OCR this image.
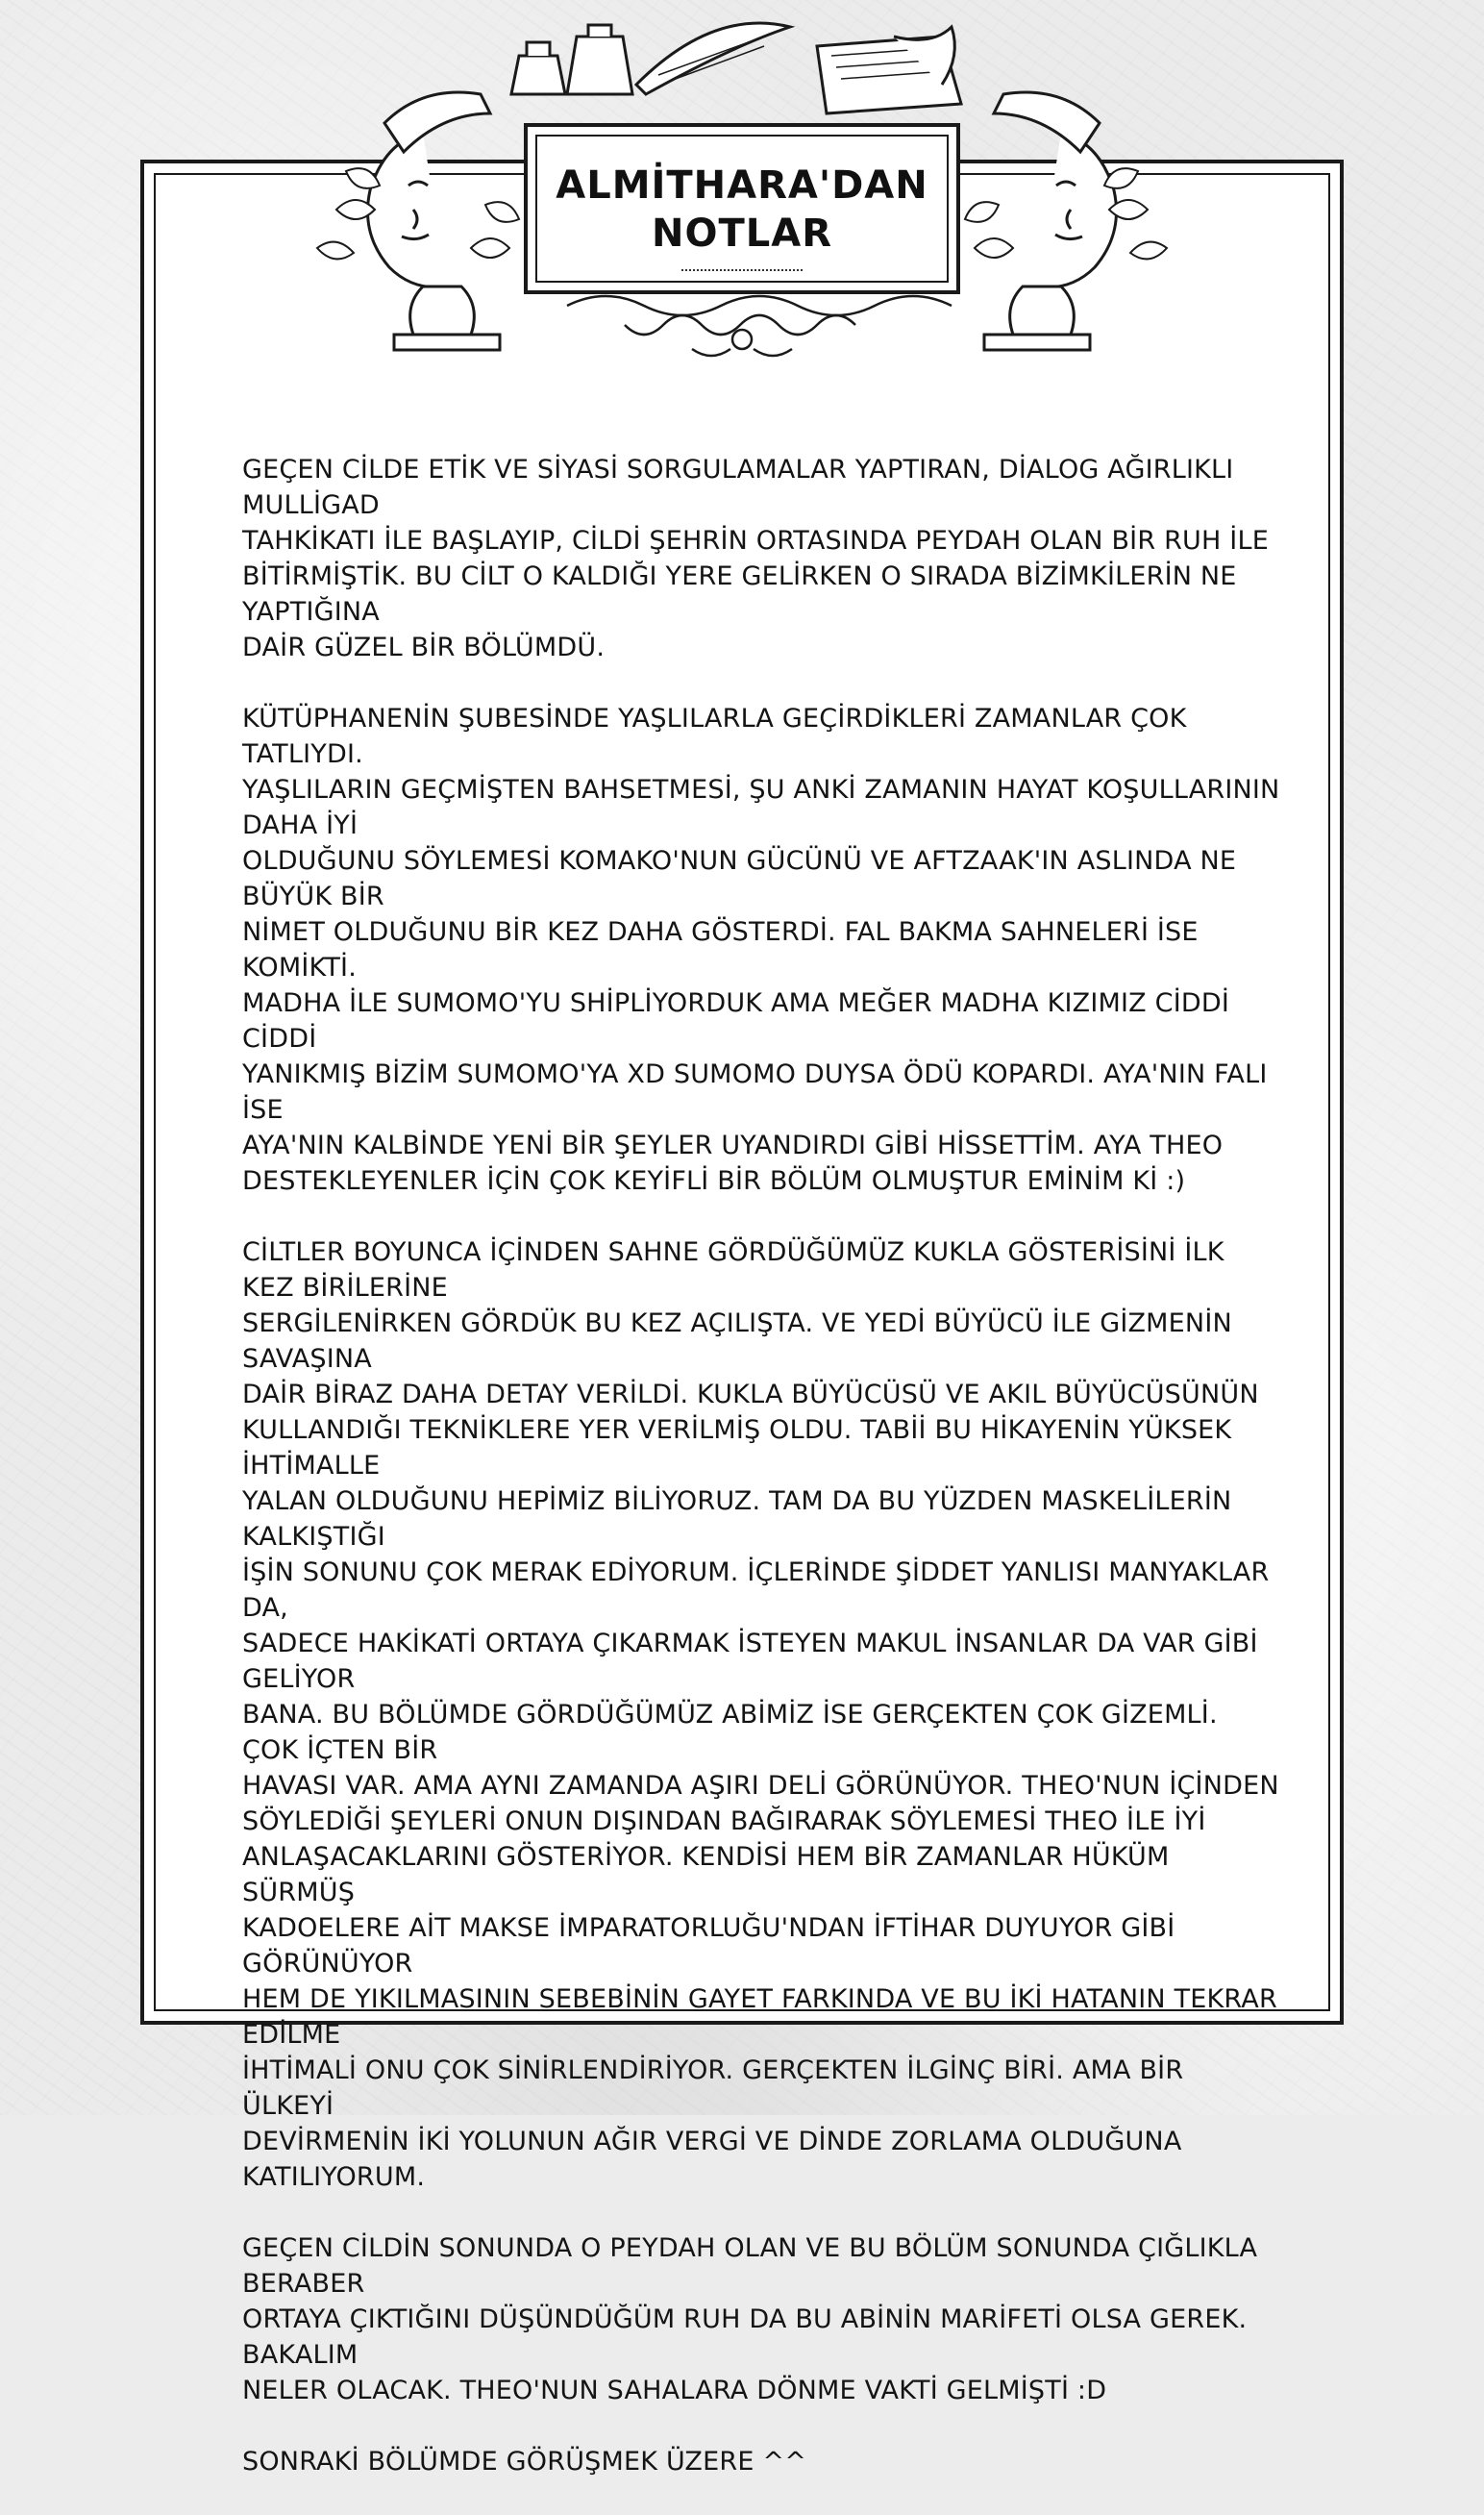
ALMİTHARA'DAN
NOTLAR

GEÇEN CİLDE ETİK VE SİYASİ SORGULAMALAR YAPTIRAN, DİALOG AĞIRLIKLI MULLİGAD
TAHKİKATI İLE BAŞLAYIP, CİLDİ ŞEHRİN ORTASINDA PEYDAH OLAN BİR RUH İLE
BİTİRMİŞTİK. BU CİLT O KALDIĞI YERE GELİRKEN O SIRADA BİZİMKİLERİN NE YAPTIĞINA
DAİR GÜZEL BİR BÖLÜMDÜ.

KÜTÜPHANENİN ŞUBESİNDE YAŞLILARLA GEÇİRDİKLERİ ZAMANLAR ÇOK TATLIYDI.
YAŞLILARIN GEÇMİŞTEN BAHSETMESİ, ŞU ANKİ ZAMANIN HAYAT KOŞULLARININ DAHA İYİ
OLDUĞUNU SÖYLEMESİ KOMAKO'NUN GÜCÜNÜ VE AFTZAAK'IN ASLINDA NE BÜYÜK BİR
NİMET OLDUĞUNU BİR KEZ DAHA GÖSTERDİ. FAL BAKMA SAHNELERİ İSE KOMİKTİ.
MADHA İLE SUMOMO'YU SHİPLİYORDUK AMA MEĞER MADHA KIZIMIZ CİDDİ CİDDİ
YANIKMIŞ BİZİM SUMOMO'YA XD SUMOMO DUYSA ÖDÜ KOPARDI. AYA'NIN FALI İSE
AYA'NIN KALBİNDE YENİ BİR ŞEYLER UYANDIRDI GİBİ HİSSETTİM. AYA THEO
DESTEKLEYENLER İÇİN ÇOK KEYİFLİ BİR BÖLÜM OLMUŞTUR EMİNİM Kİ :)

CİLTLER BOYUNCA İÇİNDEN SAHNE GÖRDÜĞÜMÜZ KUKLA GÖSTERİSİNİ İLK KEZ BİRİLERİNE
SERGİLENİRKEN GÖRDÜK BU KEZ AÇILIŞTA. VE YEDİ BÜYÜCÜ İLE GİZMENİN SAVAŞINA
DAİR BİRAZ DAHA DETAY VERİLDİ. KUKLA BÜYÜCÜSÜ VE AKIL BÜYÜCÜSÜNÜN
KULLANDIĞI TEKNİKLERE YER VERİLMİŞ OLDU. TABİİ BU HİKAYENİN YÜKSEK İHTİMALLE
YALAN OLDUĞUNU HEPİMİZ BİLİYORUZ. TAM DA BU YÜZDEN MASKELİLERİN KALKIŞTIĞI
İŞİN SONUNU ÇOK MERAK EDİYORUM. İÇLERİNDE ŞİDDET YANLISI MANYAKLAR DA,
SADECE HAKİKATİ ORTAYA ÇIKARMAK İSTEYEN MAKUL İNSANLAR DA VAR GİBİ GELİYOR
BANA. BU BÖLÜMDE GÖRDÜĞÜMÜZ ABİMİZ İSE GERÇEKTEN ÇOK GİZEMLİ. ÇOK İÇTEN BİR
HAVASI VAR. AMA AYNI ZAMANDA AŞIRI DELİ GÖRÜNÜYOR. THEO'NUN İÇİNDEN
SÖYLEDİĞİ ŞEYLERİ ONUN DIŞINDAN BAĞIRARAK SÖYLEMESİ THEO İLE İYİ
ANLAŞACAKLARINI GÖSTERİYOR. KENDİSİ HEM BİR ZAMANLAR HÜKÜM SÜRMÜŞ
KADOELERE AİT MAKSE İMPARATORLUĞU'NDAN İFTİHAR DUYUYOR GİBİ GÖRÜNÜYOR
HEM DE YIKILMASININ SEBEBİNİN GAYET FARKINDA VE BU İKİ HATANIN TEKRAR EDİLME
İHTİMALİ ONU ÇOK SİNİRLENDİRİYOR. GERÇEKTEN İLGİNÇ BİRİ. AMA BİR ÜLKEYİ
DEVİRMENİN İKİ YOLUNUN AĞIR VERGİ VE DİNDE ZORLAMA OLDUĞUNA KATILIYORUM.

GEÇEN CİLDİN SONUNDA O PEYDAH OLAN VE BU BÖLÜM SONUNDA ÇIĞLIKLA BERABER
ORTAYA ÇIKTIĞINI DÜŞÜNDÜĞÜM RUH DA BU ABİNİN MARİFETİ OLSA GEREK. BAKALIM
NELER OLACAK. THEO'NUN SAHALARA DÖNME VAKTİ GELMİŞTİ :D

SONRAKİ BÖLÜMDE GÖRÜŞMEK ÜZERE ^^
